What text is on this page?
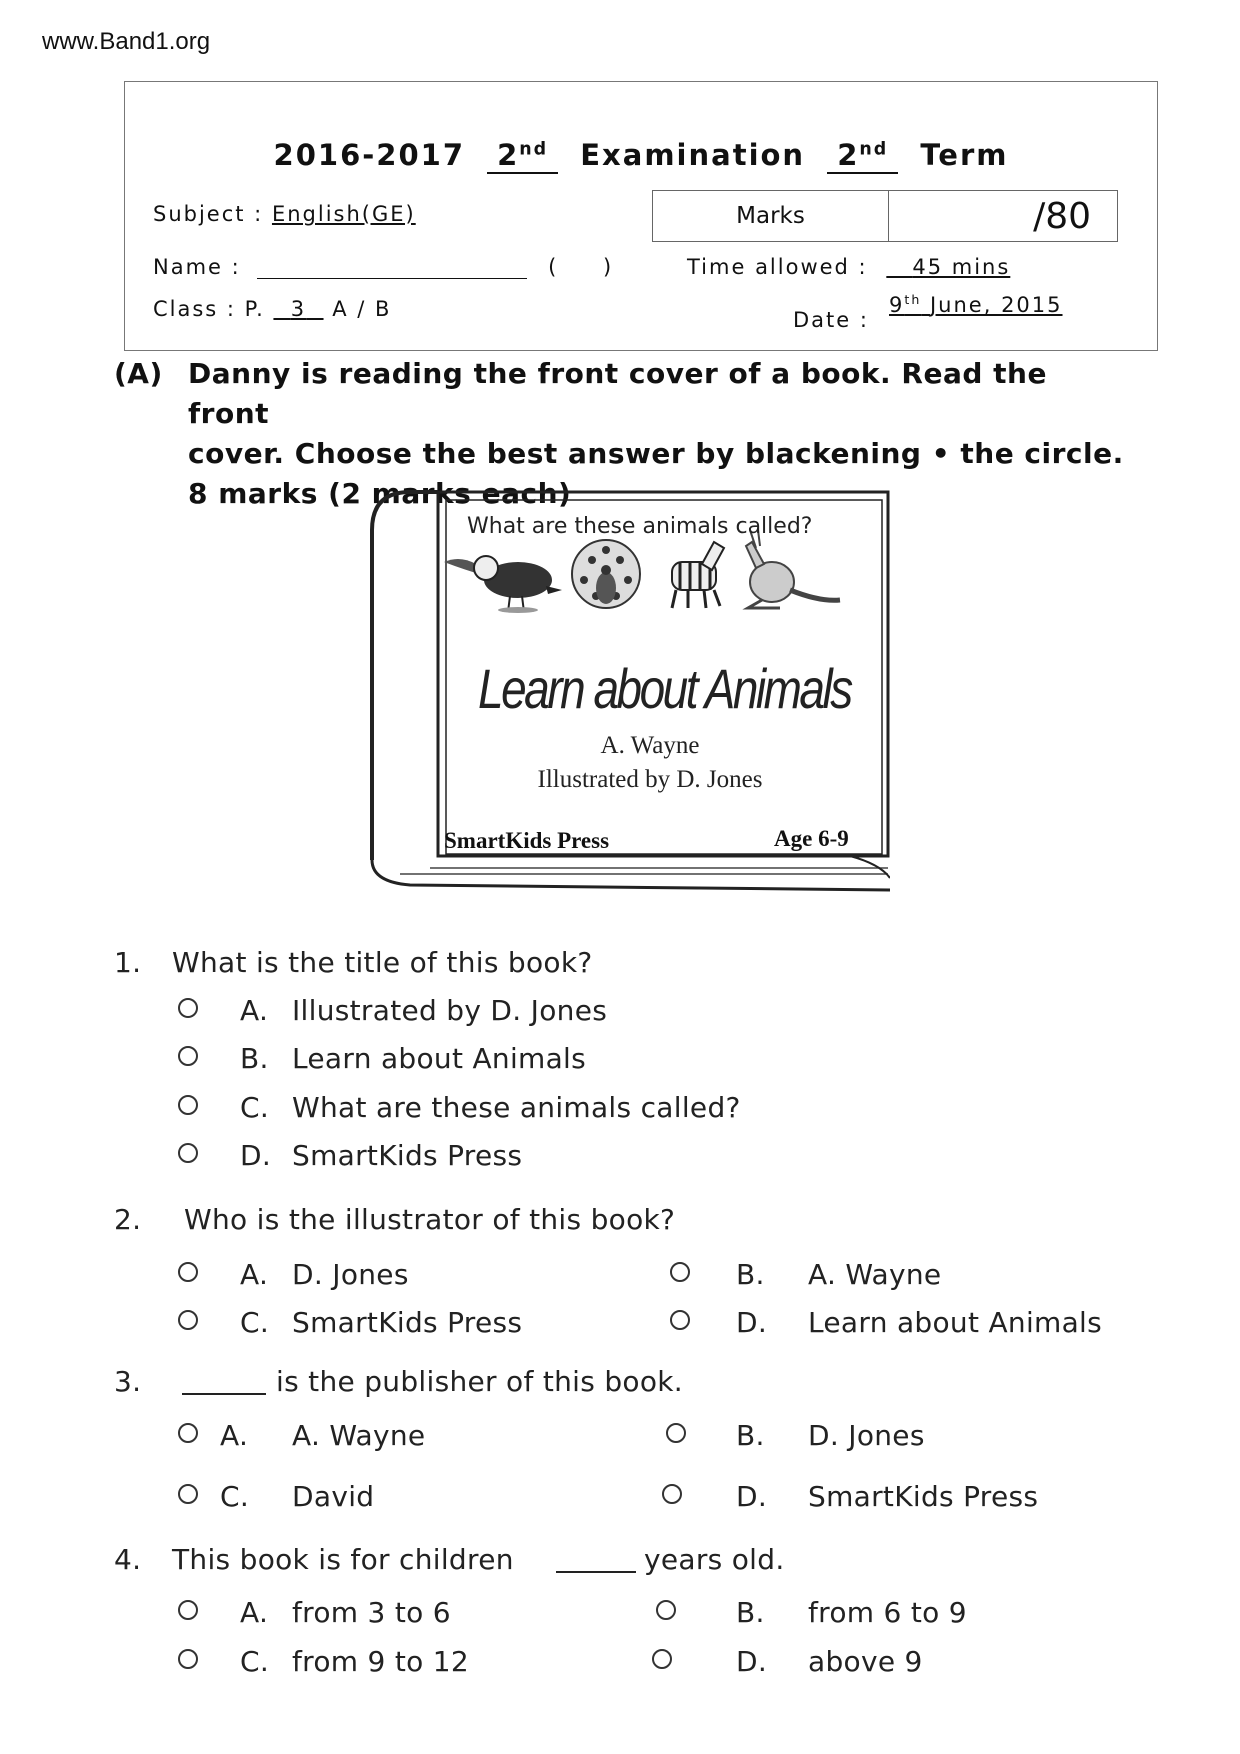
www.Band1.org
2016-2017 2nd Examination 2nd Term
Subject : English(GE)	Marks	/80
Name :	(       )	Time allowed : 45 mins
Class : P. 3 A / B	Date :
9th June, 2015
(A) Danny is reading the front cover of a book. Read the front
cover. Choose the best answer by blackening • the circle.
8 marks (2 marks each)
What are these animals called?
Learn about Animals
A. Wayne
Illustrated by D. Jones
SmartKids Press	Age 6-9
1. What is the title of this book?
A. Illustrated by D. Jones
B. Learn about Animals
C. What are these animals called?
D. SmartKids Press
2. Who is the illustrator of this book?
A. D. Jones	B. A. Wayne
C. SmartKids Press	D. Learn about Animals
3.	is the publisher of this book.
A. A. Wayne	B. D. Jones
C. David	D. SmartKids Press
4. This book is for children	years old.
A. from 3 to 6	B. from 6 to 9
C. from 9 to 12	D. above 9
